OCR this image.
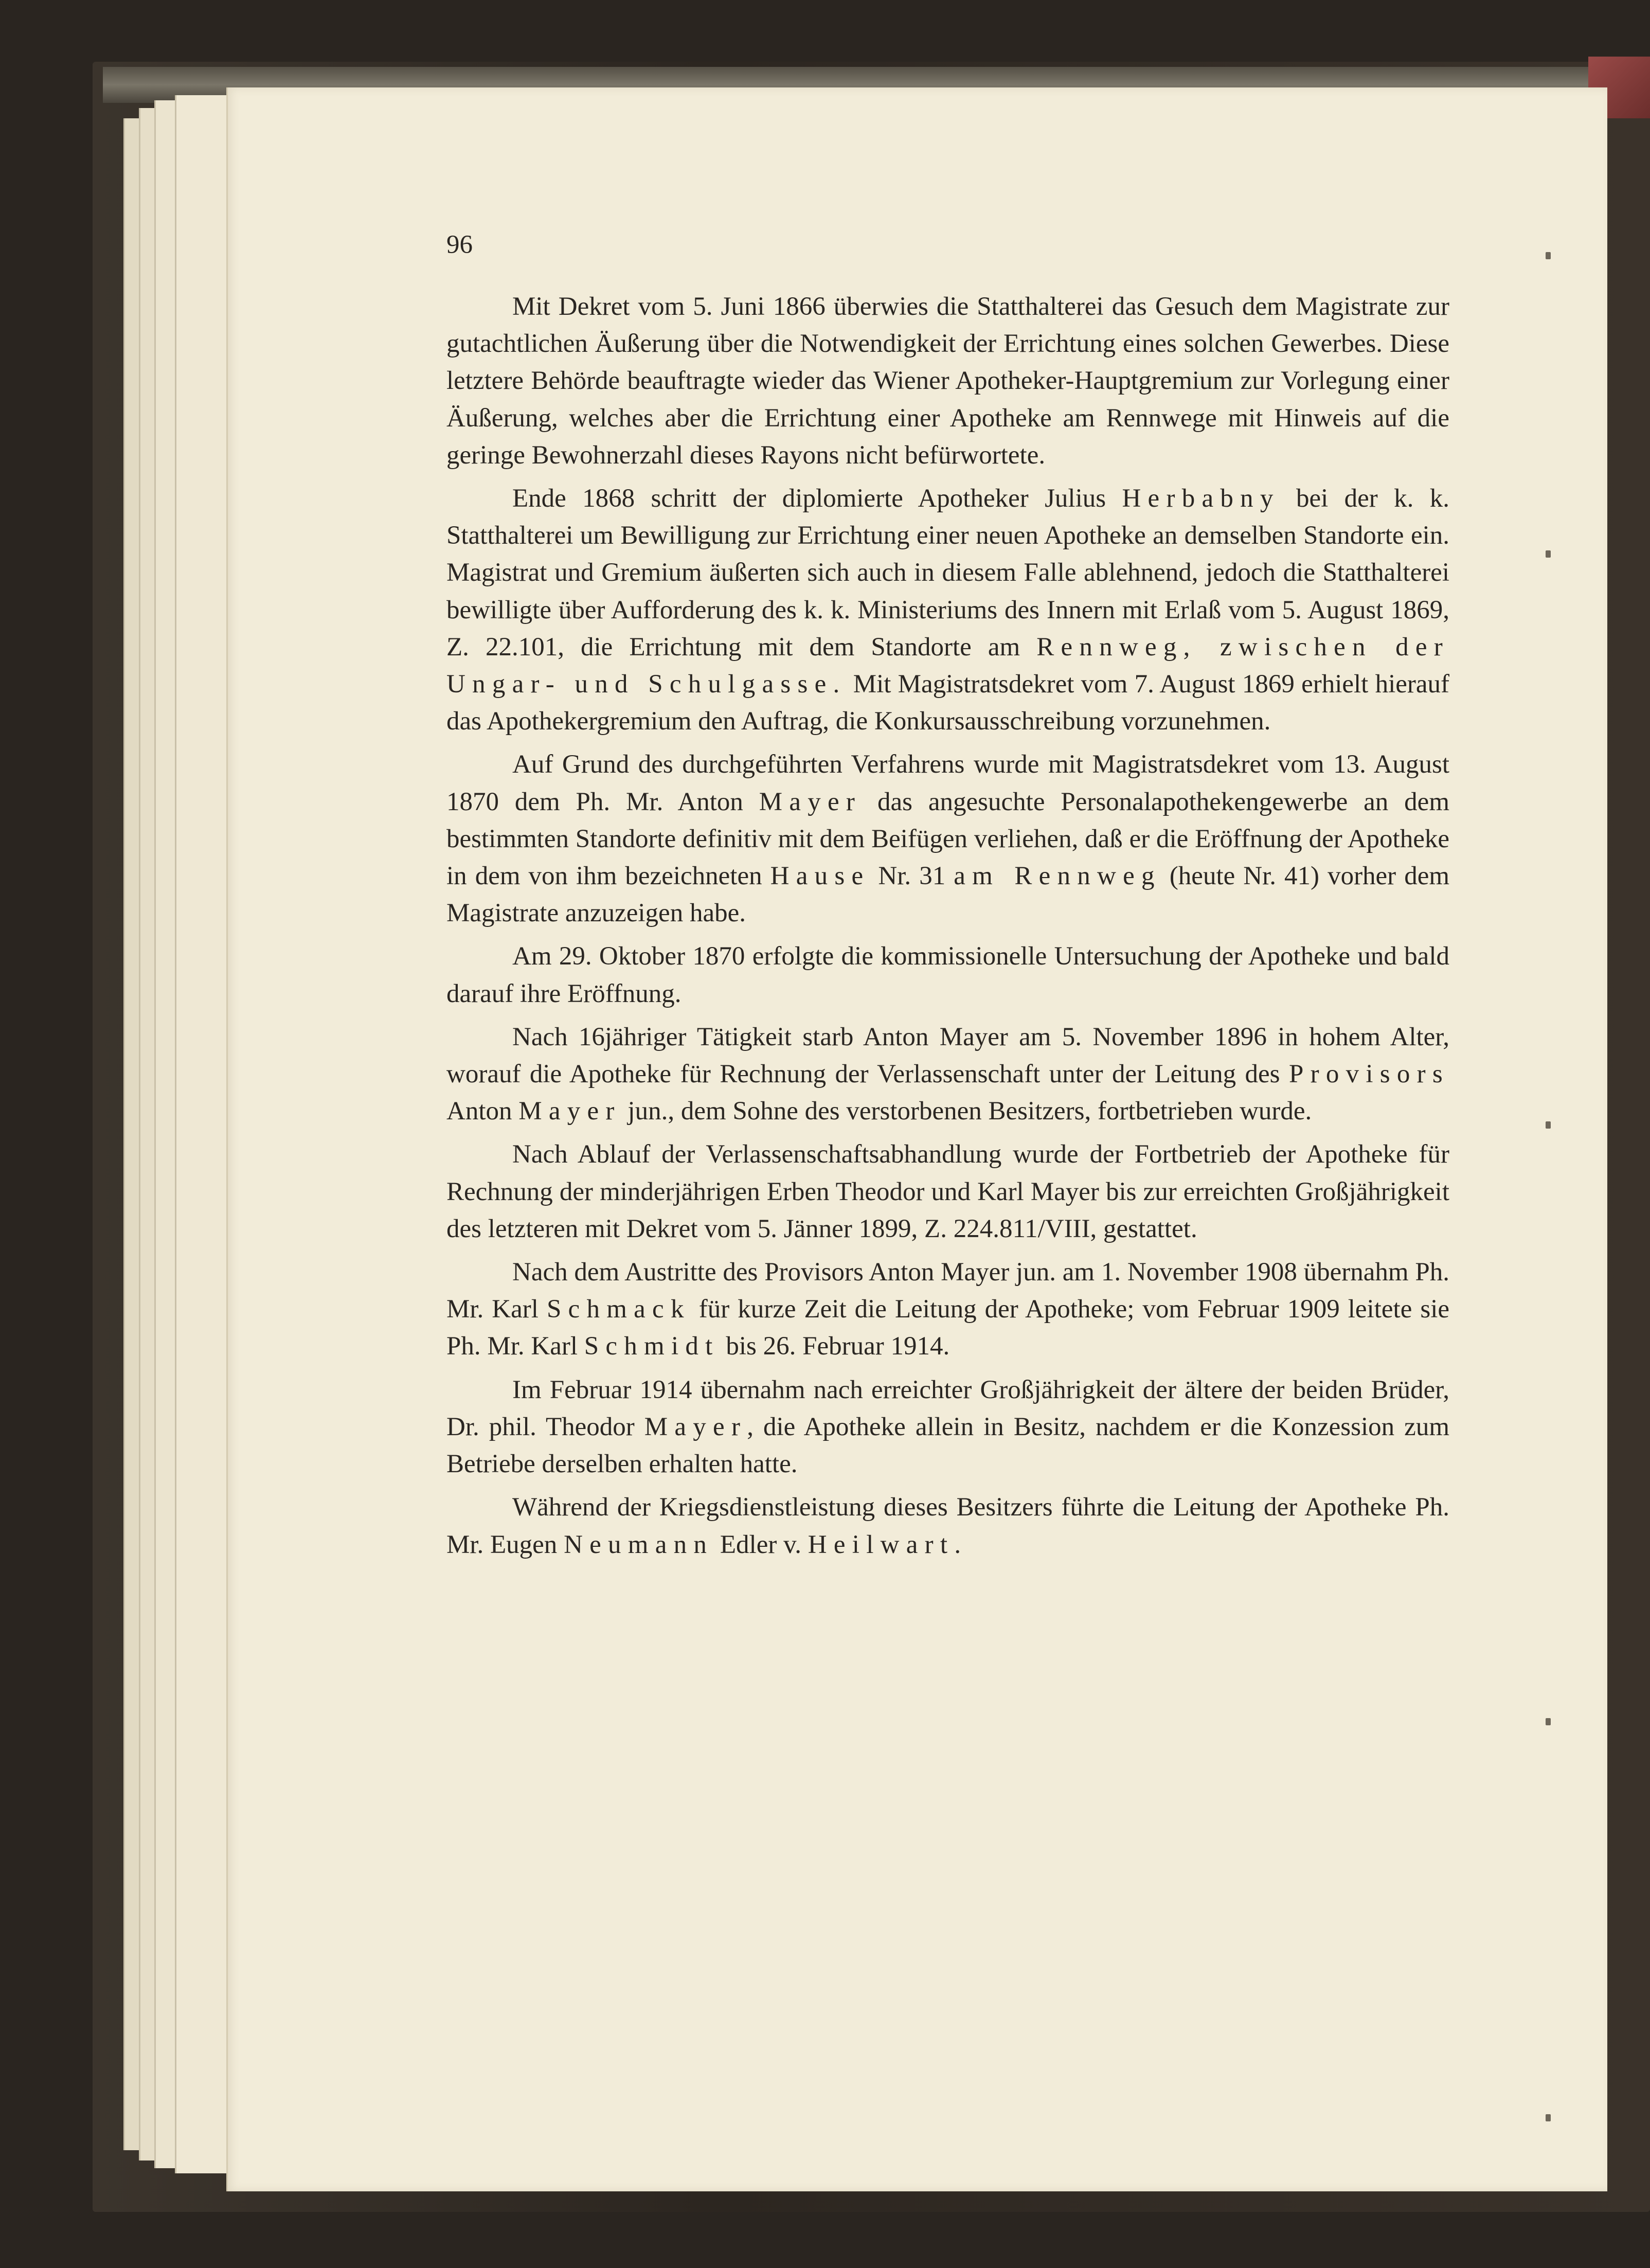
96

Mit Dekret vom 5. Juni 1866 überwies die Statthalterei das Gesuch dem Magistrate zur gutachtlichen Äußerung über die Notwendigkeit der Errichtung eines solchen Gewerbes. Diese letztere Behörde beauftragte wieder das Wiener Apotheker-Hauptgremium zur Vorlegung einer Äußerung, welches aber die Errichtung einer Apotheke am Rennwege mit Hinweis auf die geringe Bewohnerzahl dieses Rayons nicht befürwortete.

Ende 1868 schritt der diplomierte Apotheker Julius Herbabny bei der k. k. Statthalterei um Bewilligung zur Errichtung einer neuen Apotheke an demselben Standorte ein. Magistrat und Gremium äußerten sich auch in diesem Falle ablehnend, jedoch die Statthalterei bewilligte über Aufforderung des k. k. Ministeriums des Innern mit Erlaß vom 5. August 1869, Z. 22.101, die Errichtung mit dem Standorte am Rennweg, zwischen der Ungar- und Schulgasse. Mit Magistratsdekret vom 7. August 1869 erhielt hierauf das Apothekergremium den Auftrag, die Konkursausschreibung vorzunehmen.

Auf Grund des durchgeführten Verfahrens wurde mit Magistratsdekret vom 13. August 1870 dem Ph. Mr. Anton Mayer das angesuchte Personalapothekengewerbe an dem bestimmten Standorte definitiv mit dem Beifügen verliehen, daß er die Eröffnung der Apotheke in dem von ihm bezeichneten Hause Nr. 31 am Rennweg (heute Nr. 41) vorher dem Magistrate anzuzeigen habe.

Am 29. Oktober 1870 erfolgte die kommissionelle Untersuchung der Apotheke und bald darauf ihre Eröffnung.

Nach 16jähriger Tätigkeit starb Anton Mayer am 5. November 1896 in hohem Alter, worauf die Apotheke für Rechnung der Verlassenschaft unter der Leitung des Provisors Anton Mayer jun., dem Sohne des verstorbenen Besitzers, fortbetrieben wurde.

Nach Ablauf der Verlassenschaftsabhandlung wurde der Fortbetrieb der Apotheke für Rechnung der minderjährigen Erben Theodor und Karl Mayer bis zur erreichten Großjährigkeit des letzteren mit Dekret vom 5. Jänner 1899, Z. 224.811/VIII, gestattet.

Nach dem Austritte des Provisors Anton Mayer jun. am 1. November 1908 übernahm Ph. Mr. Karl Schmack für kurze Zeit die Leitung der Apotheke; vom Februar 1909 leitete sie Ph. Mr. Karl Schmidt bis 26. Februar 1914.

Im Februar 1914 übernahm nach erreichter Großjährigkeit der ältere der beiden Brüder, Dr. phil. Theodor Mayer, die Apotheke allein in Besitz, nachdem er die Konzession zum Betriebe derselben erhalten hatte.

Während der Kriegsdienstleistung dieses Besitzers führte die Leitung der Apotheke Ph. Mr. Eugen Neumann Edler v. Heilwart.
